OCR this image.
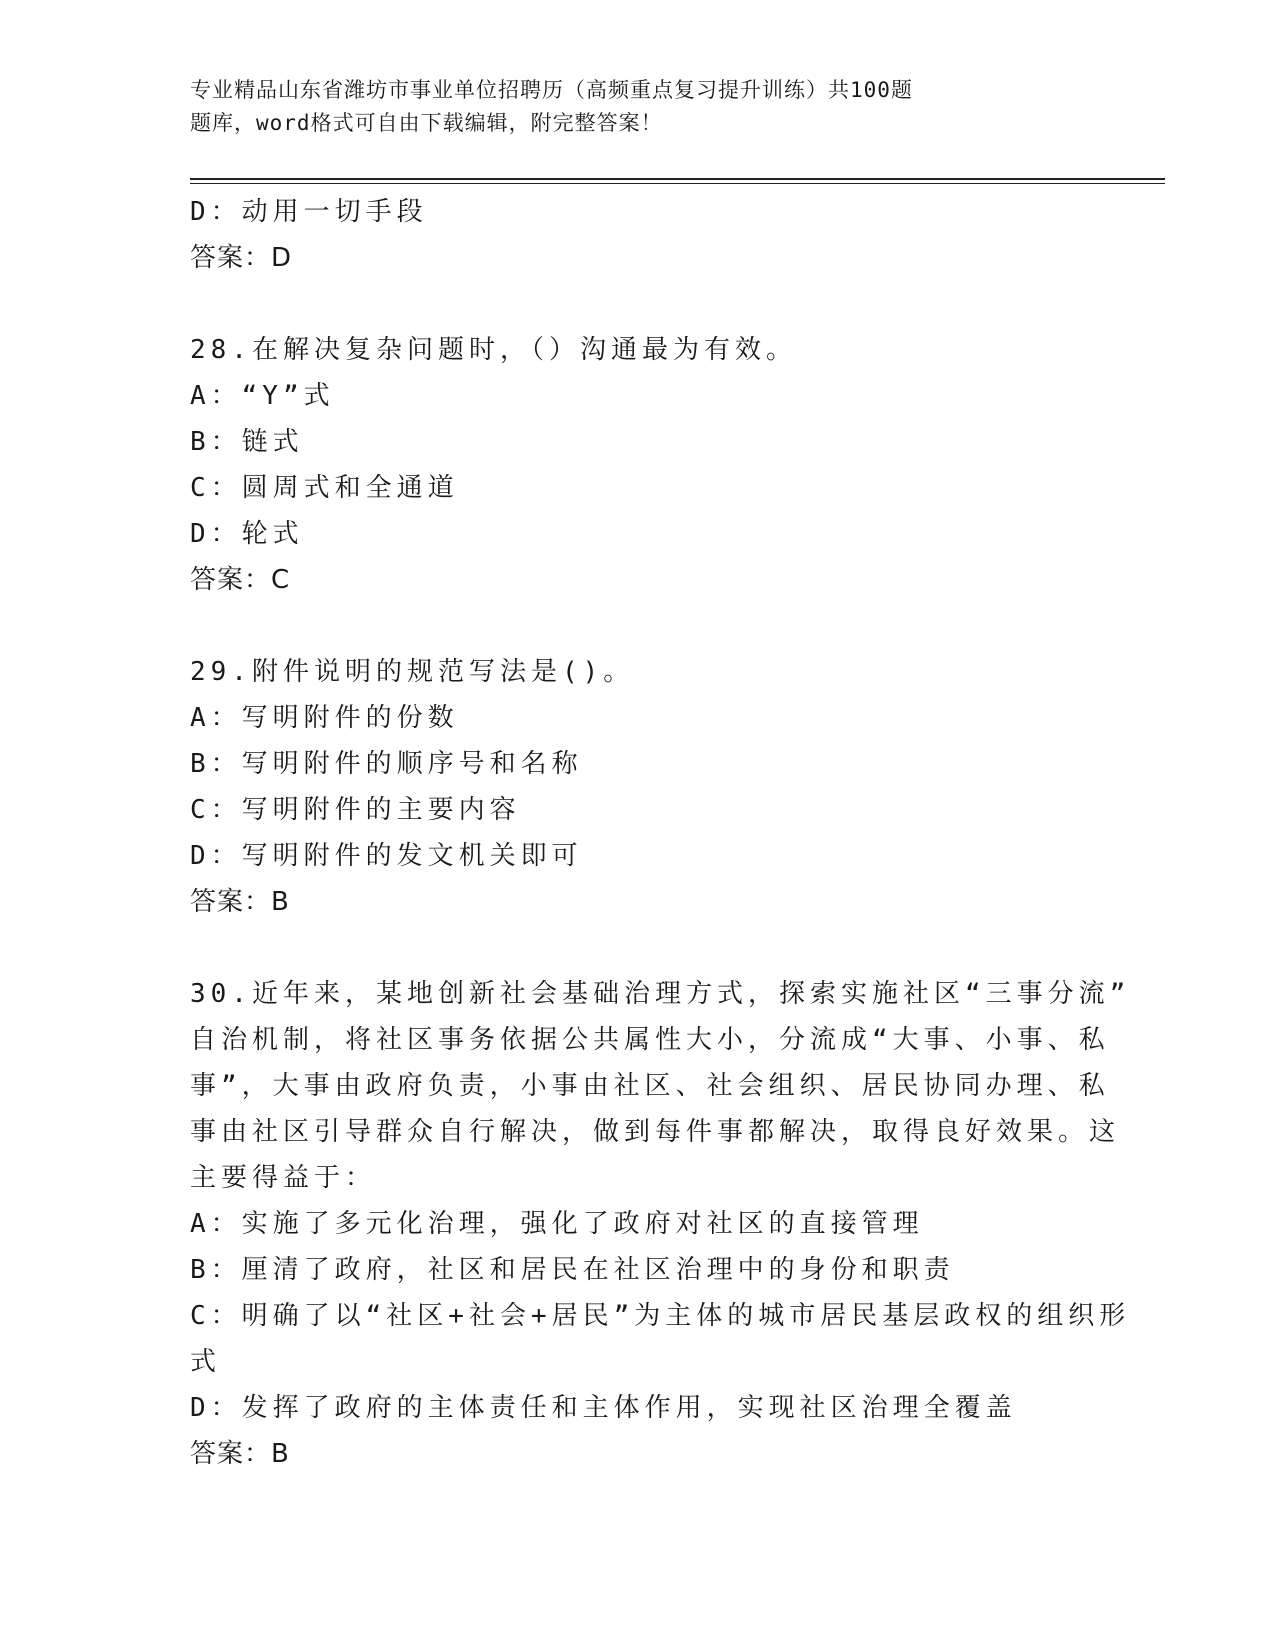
专业精品山东省潍坊市事业单位招聘历（高频重点复习提升训练）共100题
题库，word格式可自由下载编辑，附完整答案！
D：动用一切手段
答案：D
28.在解决复杂问题时，（）沟通最为有效。
A：“Y”式
B：链式
C：圆周式和全通道
D：轮式
答案：C
29.附件说明的规范写法是()。
A：写明附件的份数
B：写明附件的顺序号和名称
C：写明附件的主要内容
D：写明附件的发文机关即可
答案：B
30.近年来，某地创新社会基础治理方式，探索实施社区“三事分流”
自治机制，将社区事务依据公共属性大小，分流成“大事、小事、私
事”，大事由政府负责，小事由社区、社会组织、居民协同办理、私
事由社区引导群众自行解决，做到每件事都解决，取得良好效果。这
主要得益于：
A：实施了多元化治理，强化了政府对社区的直接管理
B：厘清了政府，社区和居民在社区治理中的身份和职责
C：明确了以“社区+社会+居民”为主体的城市居民基层政权的组织形
式
D：发挥了政府的主体责任和主体作用，实现社区治理全覆盖
答案：B
